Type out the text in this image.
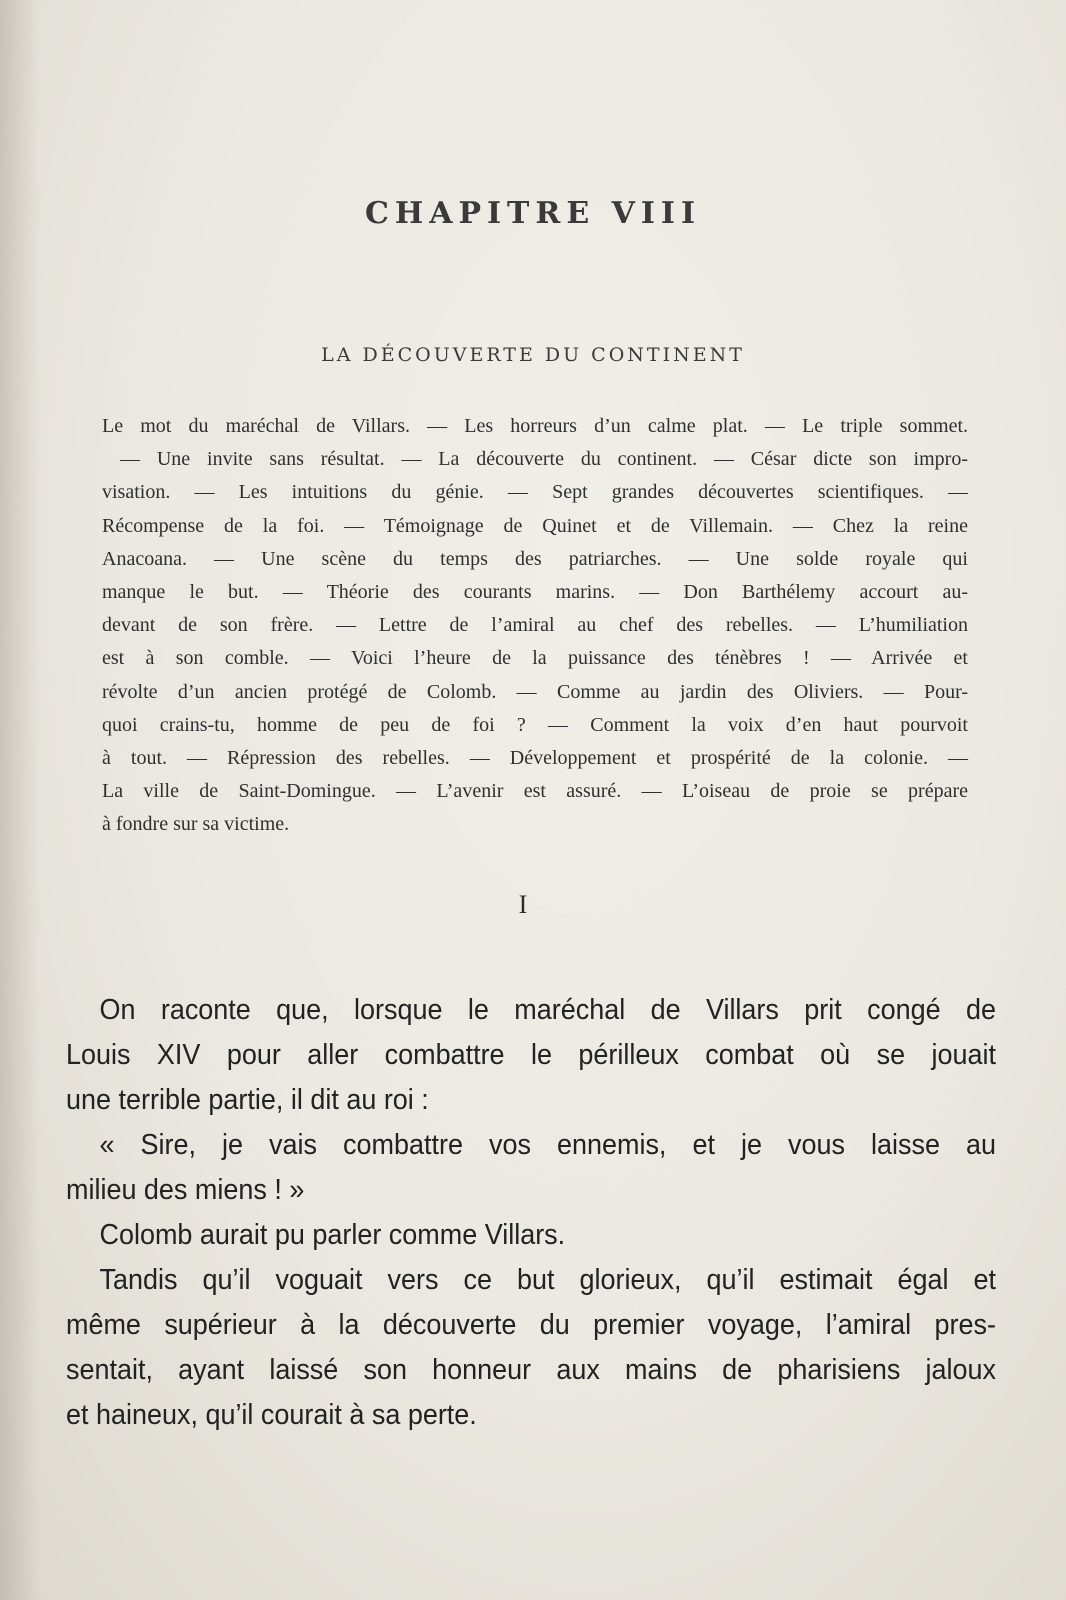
CHAPITRE VIII
LA DÉCOUVERTE DU CONTINENT
Le mot du maréchal de Villars. — Les horreurs d’un calme plat. — Le triple sommet.
— Une invite sans résultat. — La découverte du continent. — César dicte son impro-
visation. — Les intuitions du génie. — Sept grandes découvertes scientifiques. —
Récompense de la foi. — Témoignage de Quinet et de Villemain. — Chez la reine
Anacoana. — Une scène du temps des patriarches. — Une solde royale qui
manque le but. — Théorie des courants marins. — Don Barthélemy accourt au-
devant de son frère. — Lettre de l’amiral au chef des rebelles. — L’humiliation
est à son comble. — Voici l’heure de la puissance des ténèbres ! — Arrivée et
révolte d’un ancien protégé de Colomb. — Comme au jardin des Oliviers. — Pour-
quoi crains-tu, homme de peu de foi ? — Comment la voix d’en haut pourvoit
à tout. — Répression des rebelles. — Développement et prospérité de la colonie. —
La ville de Saint-Domingue. — L’avenir est assuré. — L’oiseau de proie se prépare
à fondre sur sa victime.
I
On raconte que, lorsque le maréchal de Villars prit congé de
Louis XIV pour aller combattre le périlleux combat où se jouait
une terrible partie, il dit au roi :
« Sire, je vais combattre vos ennemis, et je vous laisse au
milieu des miens ! »
Colomb aurait pu parler comme Villars.
Tandis qu’il voguait vers ce but glorieux, qu’il estimait égal et
même supérieur à la découverte du premier voyage, l’amiral pres-
sentait, ayant laissé son honneur aux mains de pharisiens jaloux
et haineux, qu’il courait à sa perte.
